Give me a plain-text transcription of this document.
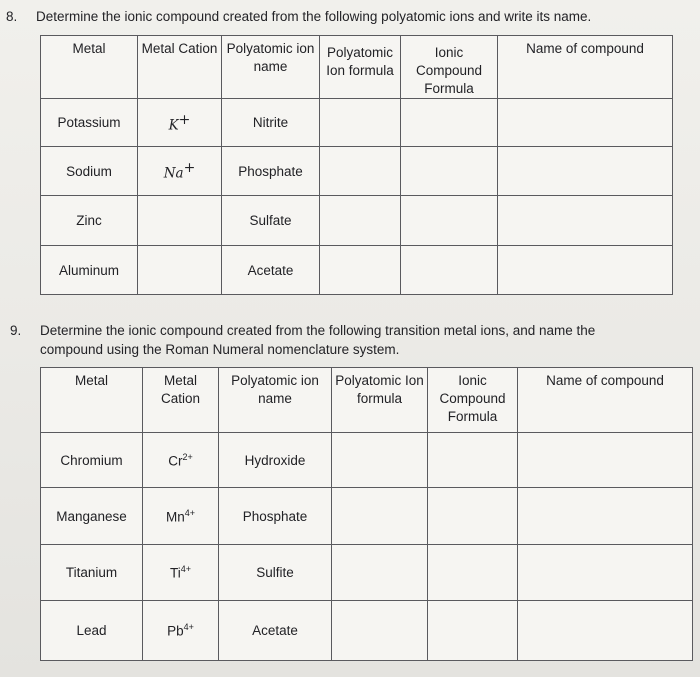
8. Determine the ionic compound created from the following polyatomic ions and write its name.
Metal	Metal Cation	Polyatomic ion name	Polyatomic Ion formula	Ionic Compound Formula	Name of compound
Potassium	K+	Nitrite			
Sodium	Na+	Phosphate			
Zinc		Sulfate			
Aluminum		Acetate			
9. Determine the ionic compound created from the following transition metal ions, and name the
compound using the Roman Numeral nomenclature system.
Metal	Metal Cation	Polyatomic ion name	Polyatomic Ion formula	Ionic Compound Formula	Name of compound
Chromium	$Cr^{2+}$	Hydroxide			
Manganese	$Mn^{4+}$	Phosphate			
Titanium	$Ti^{4+}$	Sulfite			
Lead	$Pb^{4+}$	Acetate			
